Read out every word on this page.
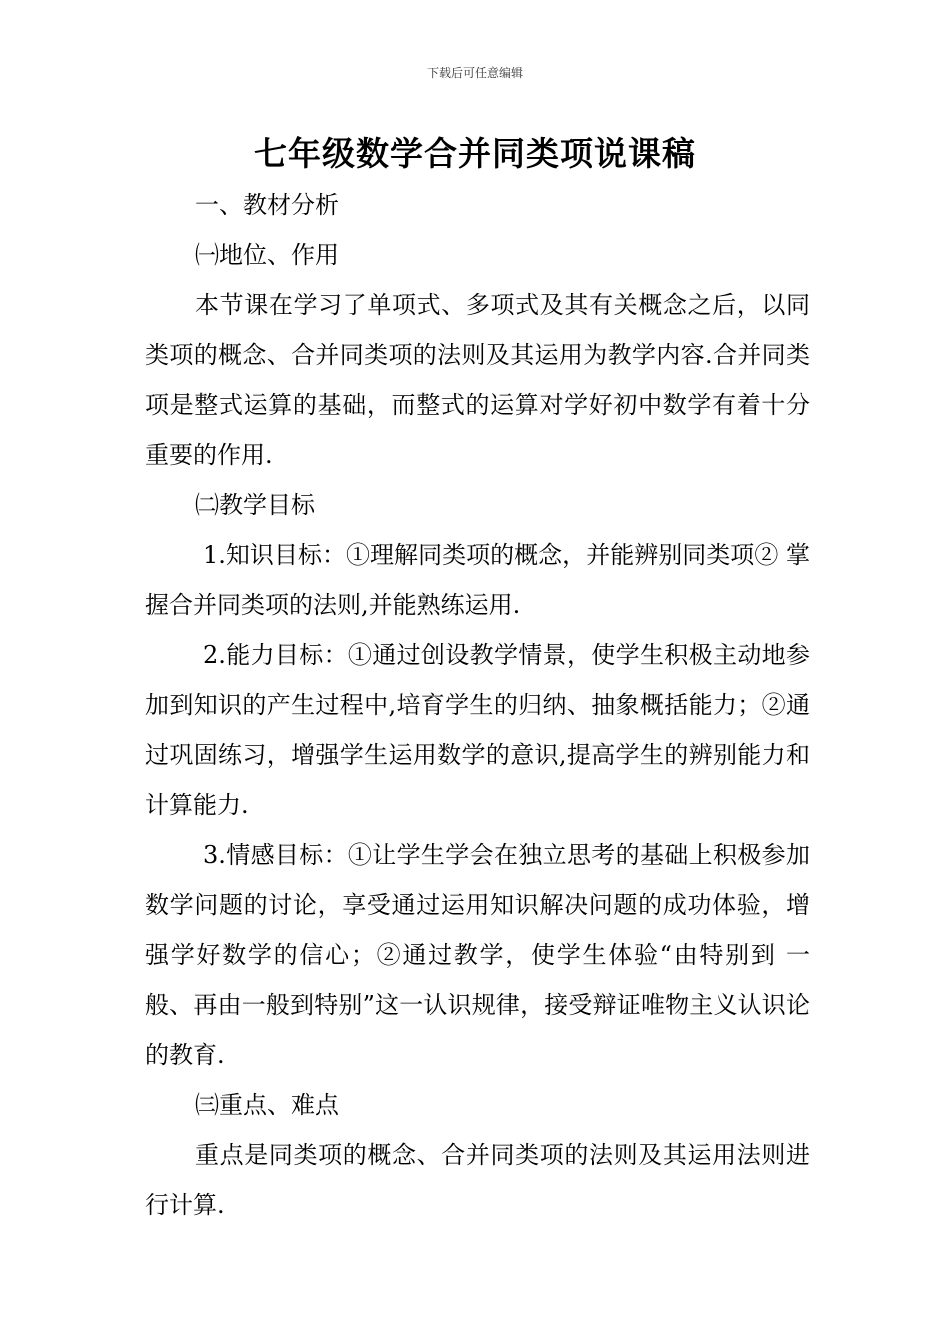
下载后可任意编辑
七年级数学合并同类项说课稿

一、教材分析

㈠地位、作用

本节课在学习了单项式、多项式及其有关概念之后，以同类项的概念、合并同类项的法则及其运用为教学内容.合并同类项是整式运算的基础，而整式的运算对学好初中数学有着十分重要的作用.

㈡教学目标

1.知识目标：①理解同类项的概念，并能辨别同类项② 掌握合并同类项的法则,并能熟练运用.

2.能力目标：①通过创设教学情景，使学生积极主动地参加到知识的产生过程中,培育学生的归纳、抽象概括能力；②通过巩固练习，增强学生运用数学的意识,提高学生的辨别能力和计算能力.

3.情感目标：①让学生学会在独立思考的基础上积极参加数学问题的讨论，享受通过运用知识解决问题的成功体验，增强学好数学的信心；②通过教学，使学生体验“由特别到 一般、再由一般到特别”这一认识规律，接受辩证唯物主义认识论的教育.

㈢重点、难点

重点是同类项的概念、合并同类项的法则及其运用法则进行计算.
